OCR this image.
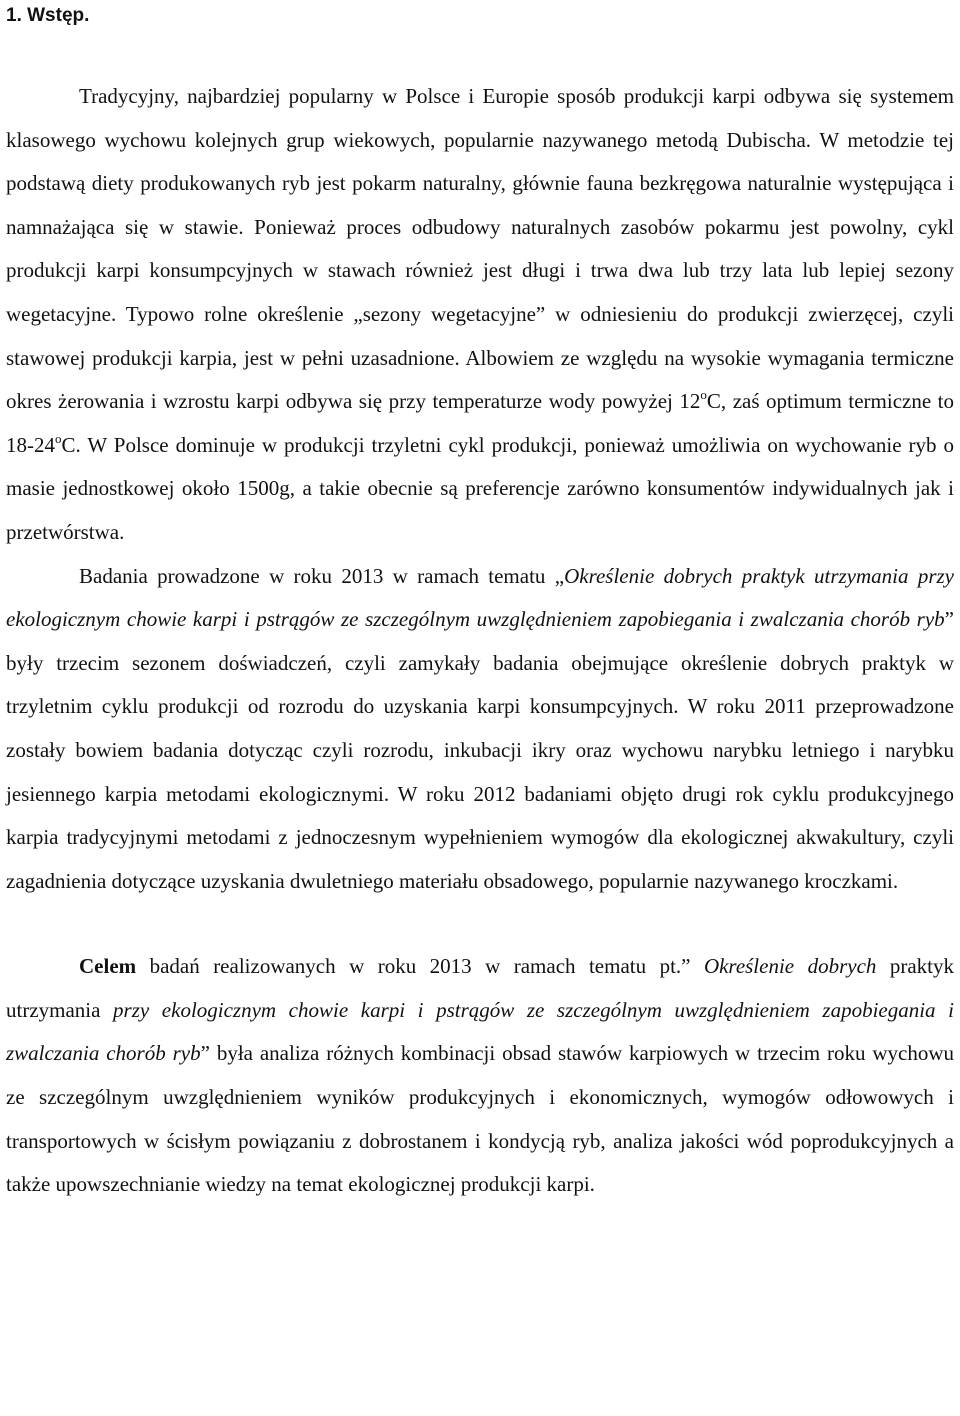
1. Wstęp.

Tradycyjny, najbardziej popularny w Polsce i Europie sposób produkcji karpi odbywa się systemem klasowego wychowu kolejnych grup wiekowych, popularnie nazywanego metodą Dubischa. W metodzie tej podstawą diety produkowanych ryb jest pokarm naturalny, głównie fauna bezkręgowa naturalnie występująca i namnażająca się w stawie. Ponieważ proces odbudowy naturalnych zasobów pokarmu jest powolny, cykl produkcji karpi konsumpcyjnych w stawach również jest długi i trwa dwa lub trzy lata lub lepiej sezony wegetacyjne. Typowo rolne określenie „sezony wegetacyjne” w odniesieniu do produkcji zwierzęcej, czyli stawowej produkcji karpia, jest w pełni uzasadnione. Albowiem ze względu na wysokie wymagania termiczne okres żerowania i wzrostu karpi odbywa się przy temperaturze wody powyżej 12$^o$C, zaś optimum termiczne to 18-24$^o$C. W Polsce dominuje w produkcji trzyletni cykl produkcji, ponieważ umożliwia on wychowanie ryb o masie jednostkowej około 1500g, a takie obecnie są preferencje zarówno konsumentów indywidualnych jak i przetwórstwa.

Badania prowadzone w roku 2013 w ramach tematu „Określenie dobrych praktyk utrzymania przy ekologicznym chowie karpi i pstrągów ze szczególnym uwzględnieniem zapobiegania i zwalczania chorób ryb” były trzecim sezonem doświadczeń, czyli zamykały badania obejmujące określenie dobrych praktyk w trzyletnim cyklu produkcji od rozrodu do uzyskania karpi konsumpcyjnych. W roku 2011 przeprowadzone zostały bowiem badania dotycząc czyli rozrodu, inkubacji ikry oraz wychowu narybku letniego i narybku jesiennego karpia metodami ekologicznymi. W roku 2012 badaniami objęto drugi rok cyklu produkcyjnego karpia tradycyjnymi metodami z jednoczesnym wypełnieniem wymogów dla ekologicznej akwakultury, czyli zagadnienia dotyczące uzyskania dwuletniego materiału obsadowego, popularnie nazywanego kroczkami.

Celem badań realizowanych w roku 2013 w ramach tematu pt.” Określenie dobrych praktyk utrzymania przy ekologicznym chowie karpi i pstrągów ze szczególnym uwzględnieniem zapobiegania i zwalczania chorób ryb” była analiza różnych kombinacji obsad stawów karpiowych w trzecim roku wychowu ze szczególnym uwzględnieniem wyników produkcyjnych i ekonomicznych, wymogów odłowowych i transportowych w ścisłym powiązaniu z dobrostanem i kondycją ryb, analiza jakości wód poprodukcyjnych a także upowszechnianie wiedzy na temat ekologicznej produkcji karpi.
